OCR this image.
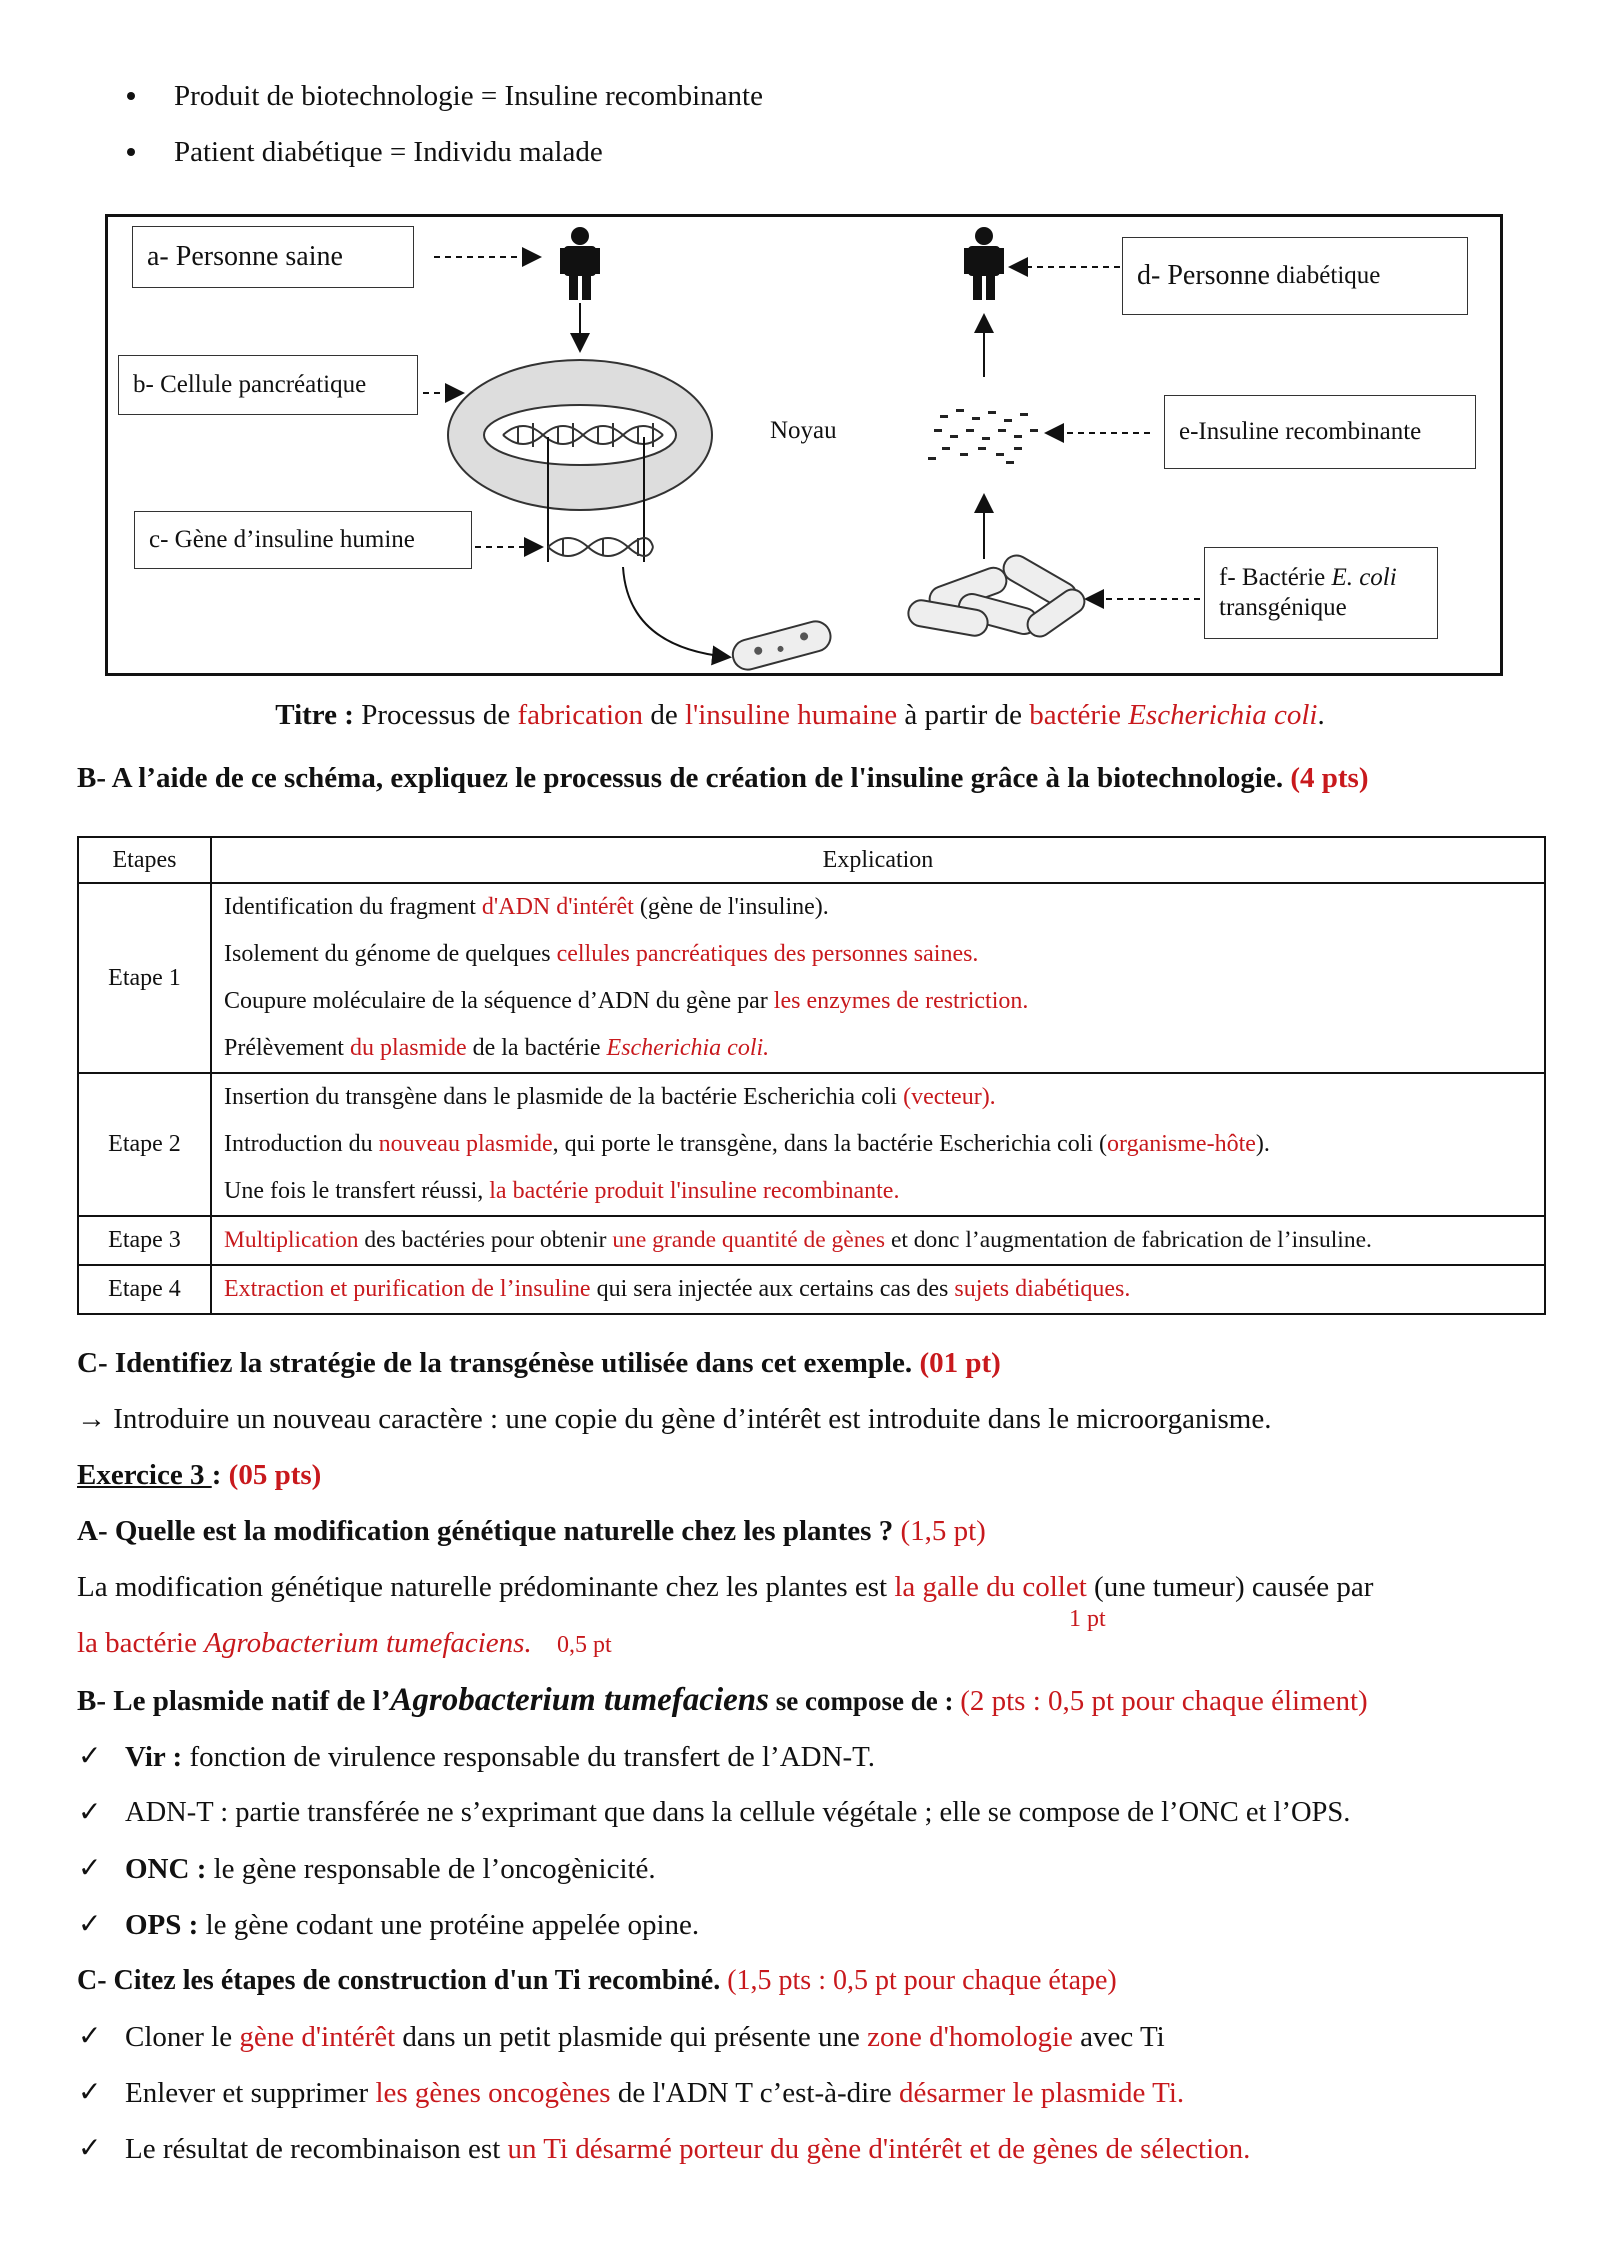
Produit de biotechnologie = Insuline recombinante
Patient diabétique = Individu malade
a- Personne saine
b- Cellule pancréatique
c- Gène d’insuline humine
Noyau
d- Personne
diabétique
e-Insuline recombinante
f- Bactérie E. coli
transgénique
Titre : Processus de fabrication de l'insuline humaine à partir de bactérie Escherichia coli.
B- A l’aide de ce schéma, expliquez le processus de création de l'insuline grâce à la biotechnologie. (4 pts)
Etapes	Explication
Etape 1	Identification du fragment d'ADN d'intérêt (gène de l'insuline).
Isolement du génome de quelques cellules pancréatiques des personnes saines.
Coupure moléculaire de la séquence d’ADN du gène par les enzymes de restriction.
Prélèvement du plasmide de la bactérie Escherichia coli.

Etape 2	Insertion du transgène dans le plasmide de la bactérie Escherichia coli (vecteur).
Introduction du nouveau plasmide, qui porte le transgène, dans la bactérie Escherichia coli (organisme-hôte).
Une fois le transfert réussi, la bactérie produit l'insuline recombinante.

Etape 3	Multiplication des bactéries pour obtenir une grande quantité de gènes et donc l’augmentation de fabrication de l’insuline.

Etape 4	Extraction et purification de l’insuline qui sera injectée aux certains cas des sujets diabétiques.
C- Identifiez la stratégie de la transgénèse utilisée dans cet exemple. (01 pt)
→ Introduire un nouveau caractère : une copie du gène d’intérêt est introduite dans le microorganisme.
Exercice 3 : (05 pts)
A- Quelle est la modification génétique naturelle chez les plantes ? (1,5 pt)
La modification génétique naturelle prédominante chez les plantes est la galle du collet (une tumeur) causée par
1 pt
la bactérie Agrobacterium tumefaciens. 0,5 pt
B- Le plasmide natif de l’Agrobacterium tumefaciens se compose de : (2 pts : 0,5 pt pour chaque éliment)
✓ Vir : fonction de virulence responsable du transfert de l’ADN-T.
✓ ADN-T : partie transférée ne s’exprimant que dans la cellule végétale ; elle se compose de l’ONC et l’OPS.
✓ ONC : le gène responsable de l’oncogènicité.
✓ OPS : le gène codant une protéine appelée opine.
C- Citez les étapes de construction d'un Ti recombiné. (1,5 pts : 0,5 pt pour chaque étape)
✓ Cloner le gène d'intérêt dans un petit plasmide qui présente une zone d'homologie avec Ti
✓ Enlever et supprimer les gènes oncogènes de l'ADN T c’est-à-dire désarmer le plasmide Ti.
✓ Le résultat de recombinaison est un Ti désarmé porteur du gène d'intérêt et de gènes de sélection.
